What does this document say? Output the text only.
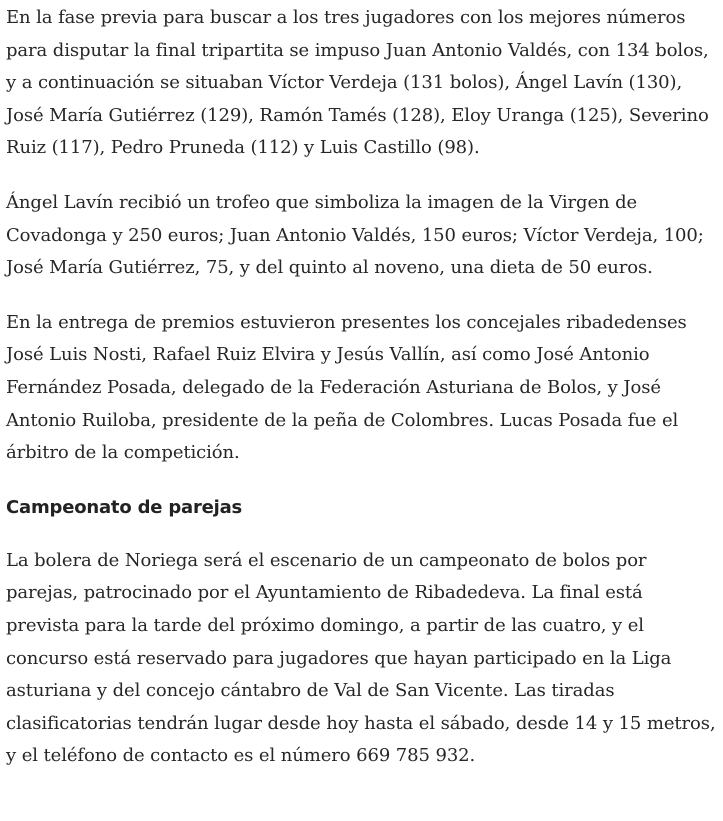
En la fase previa para buscar a los tres jugadores con los mejores números para disputar la final tripartita se impuso Juan Antonio Valdés, con 134 bolos, y a continuación se situaban Víctor Verdeja (131 bolos), Ángel Lavín (130), José María Gutiérrez (129), Ramón Tamés (128), Eloy Uranga (125), Severino Ruiz (117), Pedro Pruneda (112) y Luis Castillo (98).

Ángel Lavín recibió un trofeo que simboliza la imagen de la Virgen de Covadonga y 250 euros; Juan Antonio Valdés, 150 euros; Víctor Verdeja, 100; José María Gutiérrez, 75, y del quinto al noveno, una dieta de 50 euros.

En la entrega de premios estuvieron presentes los concejales ribadedenses José Luis Nosti, Rafael Ruiz Elvira y Jesús Vallín, así como José Antonio Fernández Posada, delegado de la Federación Asturiana de Bolos, y José Antonio Ruiloba, presidente de la peña de Colombres. Lucas Posada fue el árbitro de la competición.

Campeonato de parejas

La bolera de Noriega será el escenario de un campeonato de bolos por parejas, patrocinado por el Ayuntamiento de Ribadedeva. La final está prevista para la tarde del próximo domingo, a partir de las cuatro, y el concurso está reservado para jugadores que hayan participado en la Liga asturiana y del concejo cántabro de Val de San Vicente. Las tiradas clasificatorias tendrán lugar desde hoy hasta el sábado, desde 14 y 15 metros, y el teléfono de contacto es el número 669 785 932.
